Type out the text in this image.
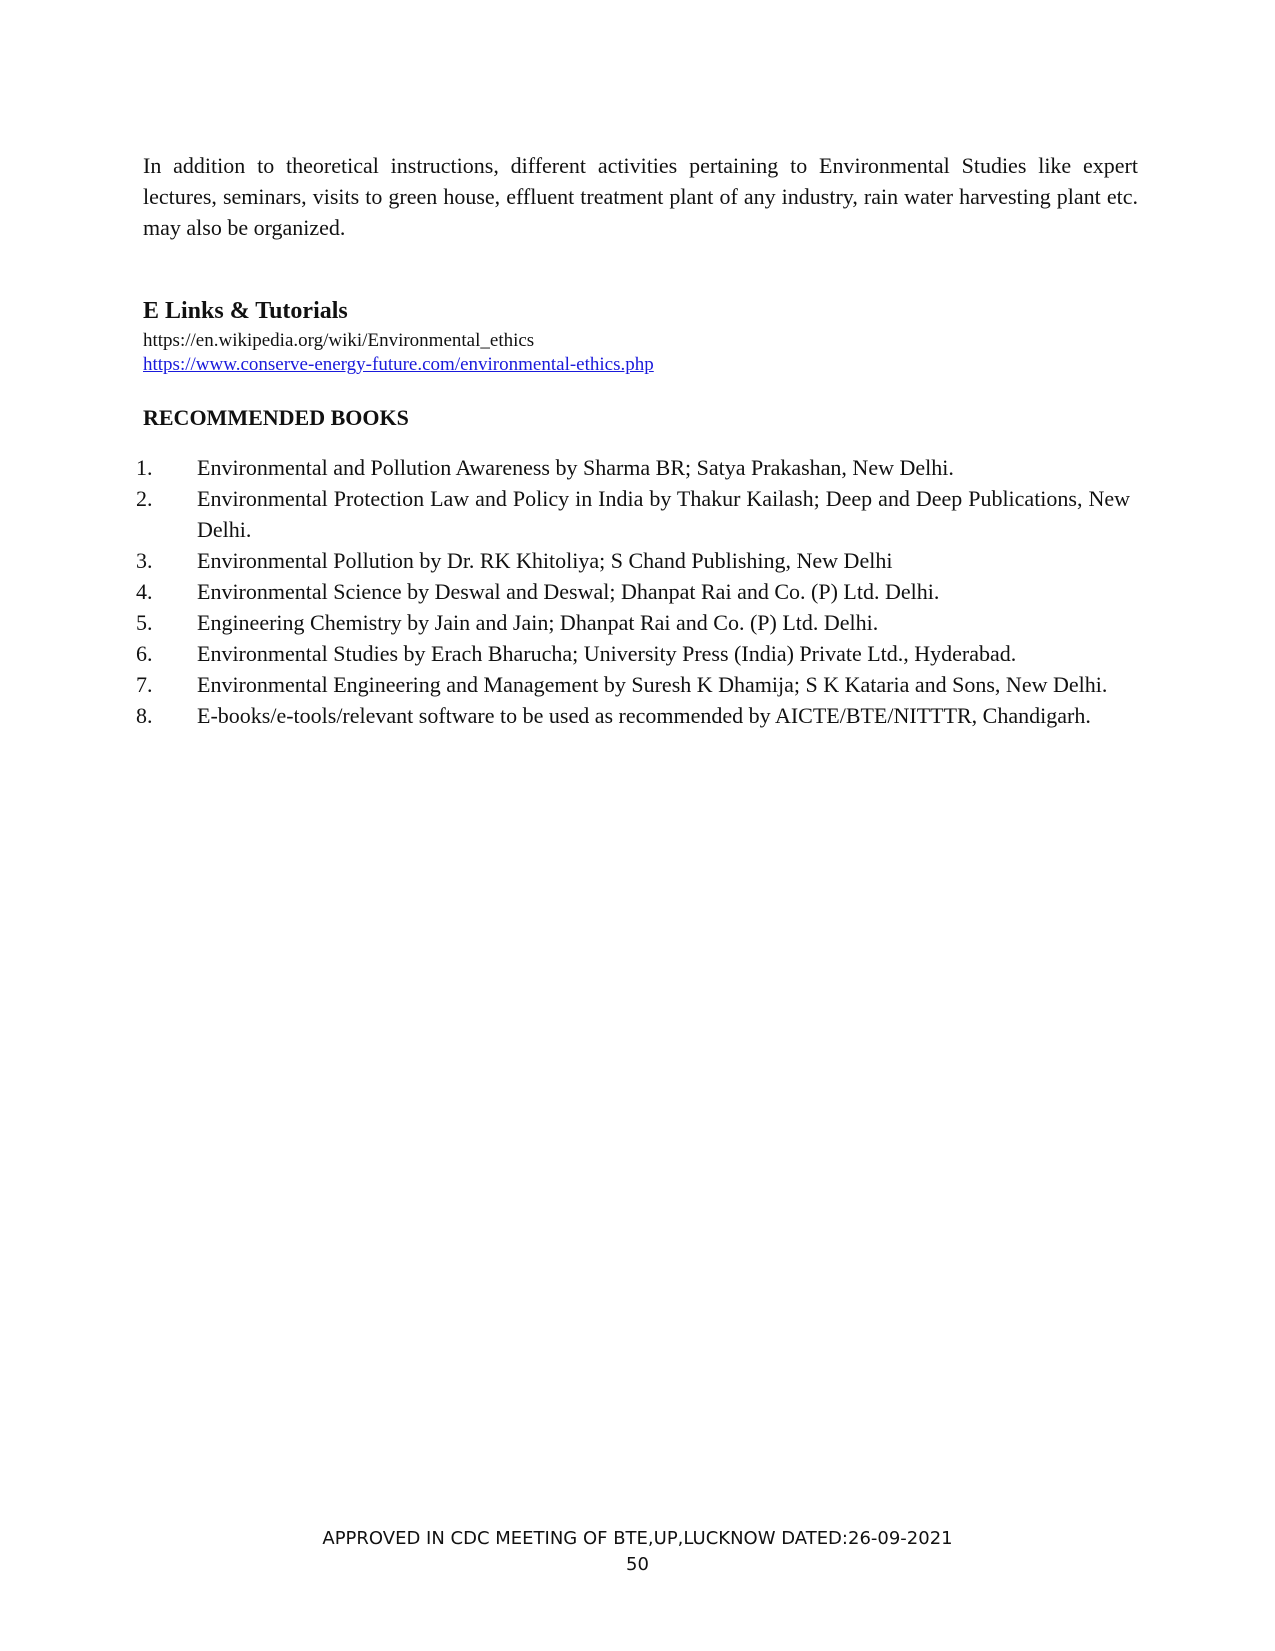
In addition to theoretical instructions, different activities pertaining to Environmental Studies like expert lectures, seminars, visits to green house, effluent treatment plant of any industry, rain water harvesting plant etc. may also be organized.

E Links & Tutorials
https://en.wikipedia.org/wiki/Environmental_ethics
https://www.conserve-energy-future.com/environmental-ethics.php
RECOMMENDED BOOKS
1. Environmental and Pollution Awareness by Sharma BR; Satya Prakashan, New Delhi.
2. Environmental Protection Law and Policy in India by Thakur Kailash; Deep and Deep Publications, New Delhi.
3. Environmental Pollution by Dr. RK Khitoliya; S Chand Publishing, New Delhi
4. Environmental Science by Deswal and Deswal; Dhanpat Rai and Co. (P) Ltd. Delhi.
5. Engineering Chemistry by Jain and Jain; Dhanpat Rai and Co. (P) Ltd. Delhi.
6. Environmental Studies by Erach Bharucha; University Press (India) Private Ltd., Hyderabad.
7. Environmental Engineering and Management by Suresh K Dhamija; S K Kataria and Sons, New Delhi.
8. E-books/e-tools/relevant software to be used as recommended by AICTE/BTE/NITTTR, Chandigarh.

APPROVED IN CDC MEETING OF BTE,UP,LUCKNOW DATED:26-09-2021

50
